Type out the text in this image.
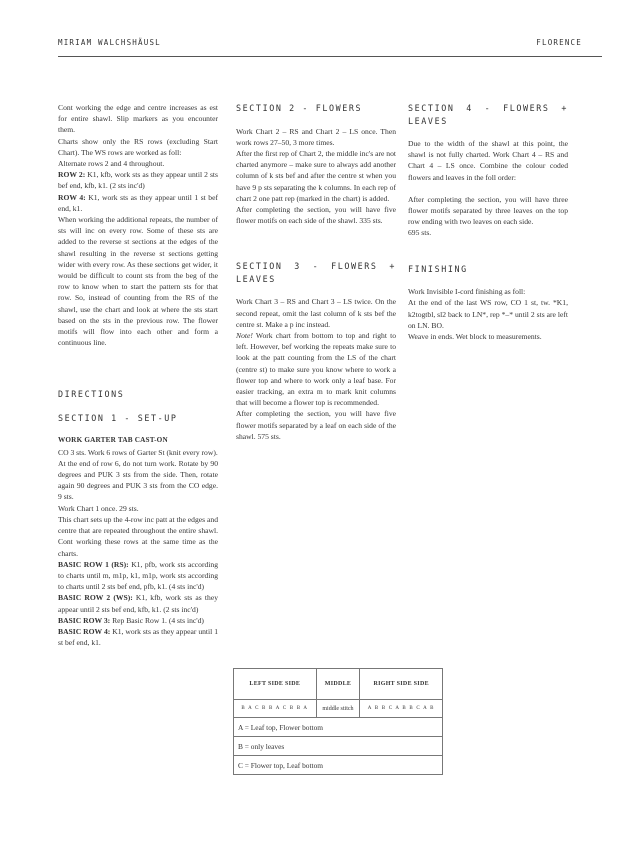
MIRIAM WALCHSHÄUSL	FLORENCE

Cont working the edge and centre increases as est for entire shawl. Slip markers as you encounter them.

Charts show only the RS rows (excluding Start Chart). The WS rows are worked as foll:

Alternate rows 2 and 4 throughout.

ROW 2: K1, kfb, work sts as they appear until 2 sts bef end, kfb, k1. (2 sts inc'd)

ROW 4: K1, work sts as they appear until 1 st bef end, k1.

When working the additional repeats, the number of sts will inc on every row. Some of these sts are added to the reverse st sections at the edges of the shawl resulting in the reverse st sections getting wider with every row. As these sections get wider, it would be difficult to count sts from the beg of the row to know when to start the pattern sts for that row. So, instead of counting from the RS of the shawl, use the chart and look at where the sts start based on the sts in the previous row. The flower motifs will flow into each other and form a continuous line.

DIRECTIONS

SECTION 1 - SET-UP

WORK GARTER TAB CAST-ON

CO 3 sts. Work 6 rows of Garter St (knit every row).

At the end of row 6, do not turn work. Rotate by 90 degrees and PUK 3 sts from the side. Then, rotate again 90 degrees and PUK 3 sts from the CO edge. 9 sts.

Work Chart 1 once. 29 sts.

This chart sets up the 4-row inc patt at the edges and centre that are repeated throughout the entire shawl. Cont working these rows at the same time as the charts.

BASIC ROW 1 (RS): K1, pfb, work sts according to charts until m, m1p, k1, m1p, work sts according to charts until 2 sts bef end, pfb, k1. (4 sts inc'd)

BASIC ROW 2 (WS): K1, kfb, work sts as they appear until 2 sts bef end, kfb, k1. (2 sts inc'd)

BASIC ROW 3: Rep Basic Row 1. (4 sts inc'd)

BASIC ROW 4: K1, work sts as they appear until 1 st bef end, k1.

SECTION 2 - FLOWERS

Work Chart 2 – RS and Chart 2 – LS once. Then work rows 27–50, 3 more times.

After the first rep of Chart 2, the middle inc's are not charted anymore – make sure to always add another column of k sts bef and after the centre st when you have 9 p sts separating the k columns. In each rep of chart 2 one patt rep (marked in the chart) is added.

After completing the section, you will have five flower motifs on each side of the shawl. 335 sts.

SECTION 3 - FLOWERS + LEAVES

Work Chart 3 – RS and Chart 3 – LS twice. On the second repeat, omit the last column of k sts bef the centre st. Make a p inc instead.

Note! Work chart from bottom to top and right to left. However, bef working the repeats make sure to look at the patt counting from the LS of the chart (centre st) to make sure you know where to work a flower top and where to work only a leaf base. For easier tracking, an extra m to mark knit columns that will become a flower top is recommended.

After completing the section, you will have five flower motifs separated by a leaf on each side of the shawl. 575 sts.

SECTION 4 - FLOWERS + LEAVES

Due to the width of the shawl at this point, the shawl is not fully charted. Work Chart 4 – RS and Chart 4 – LS once. Combine the colour coded flowers and leaves in the foll order:

After completing the section, you will have three flower motifs separated by three leaves on the top row ending with two leaves on each side.

695 sts.

FINISHING

Work Invisible I-cord finishing as foll:

At the end of the last WS row, CO 1 st, tw. *K1, k2togtbl, sl2 back to LN*, rep *–* until 2 sts are left on LN. BO.

Weave in ends. Wet block to measurements.

LEFT SIDE SIDE	MIDDLE	RIGHT SIDE SIDE
B A C B B A C B B A	middle stitch	A B B C A B B C A B
A = Leaf top, Flower bottom		
B = only leaves		
C = Flower top, Leaf bottom		
